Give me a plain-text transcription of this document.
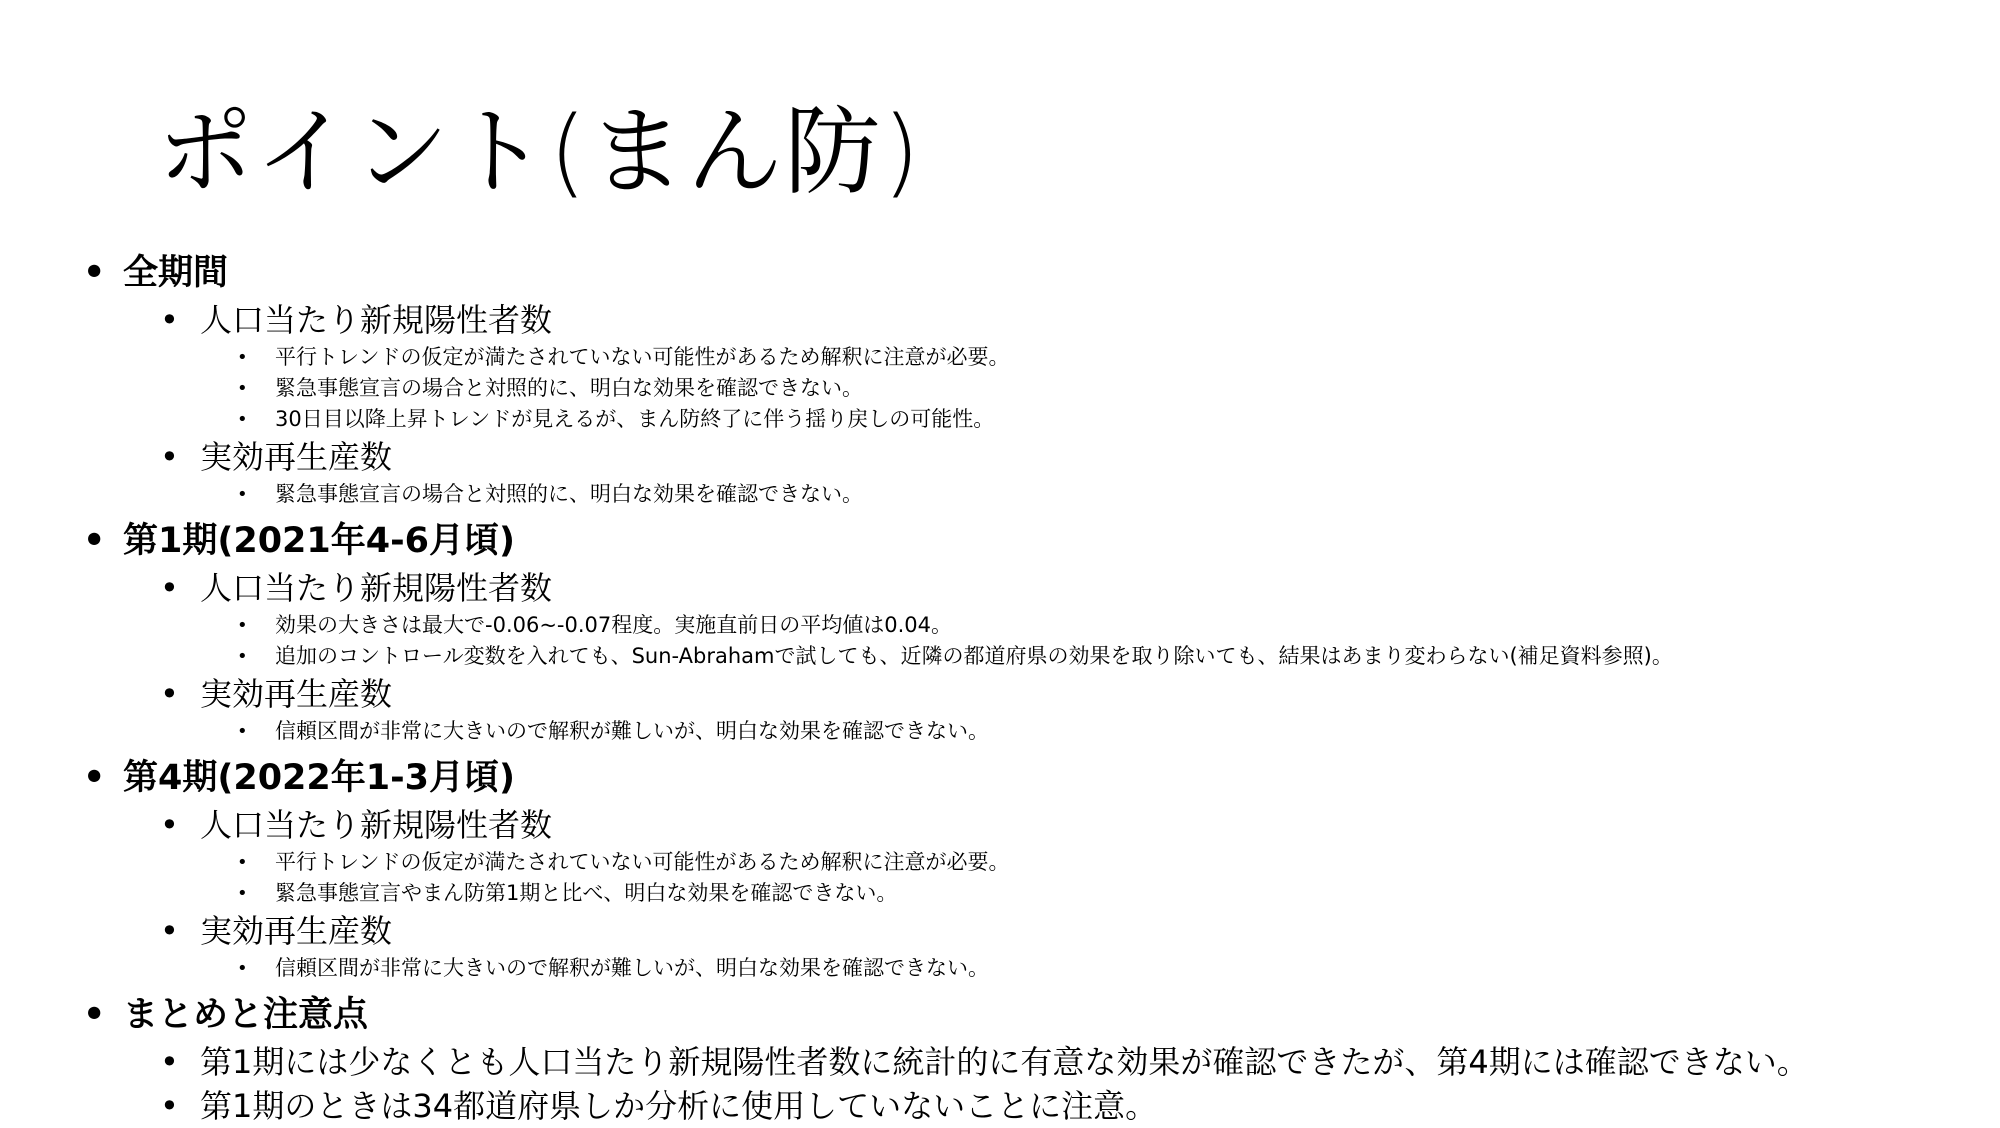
ポイント(まん防)
• 全期間
• 人口当たり新規陽性者数
• 平行トレンドの仮定が満たされていない可能性があるため解釈に注意が必要。
• 緊急事態宣言の場合と対照的に、明白な効果を確認できない。
• 30日目以降上昇トレンドが見えるが、まん防終了に伴う揺り戻しの可能性。
• 実効再生産数
• 緊急事態宣言の場合と対照的に、明白な効果を確認できない。
• 第1期(2021年4-6月頃)
• 人口当たり新規陽性者数
• 効果の大きさは最大で-0.06~-0.07程度。実施直前日の平均値は0.04。
• 追加のコントロール変数を入れても、Sun-Abrahamで試しても、近隣の都道府県の効果を取り除いても、結果はあまり変わらない(補足資料参照)。
• 実効再生産数
• 信頼区間が非常に大きいので解釈が難しいが、明白な効果を確認できない。
• 第4期(2022年1-3月頃)
• 人口当たり新規陽性者数
• 平行トレンドの仮定が満たされていない可能性があるため解釈に注意が必要。
• 緊急事態宣言やまん防第1期と比べ、明白な効果を確認できない。
• 実効再生産数
• 信頼区間が非常に大きいので解釈が難しいが、明白な効果を確認できない。
• まとめと注意点
• 第1期には少なくとも人口当たり新規陽性者数に統計的に有意な効果が確認できたが、第4期には確認できない。
• 第1期のときは34都道府県しか分析に使用していないことに注意。
